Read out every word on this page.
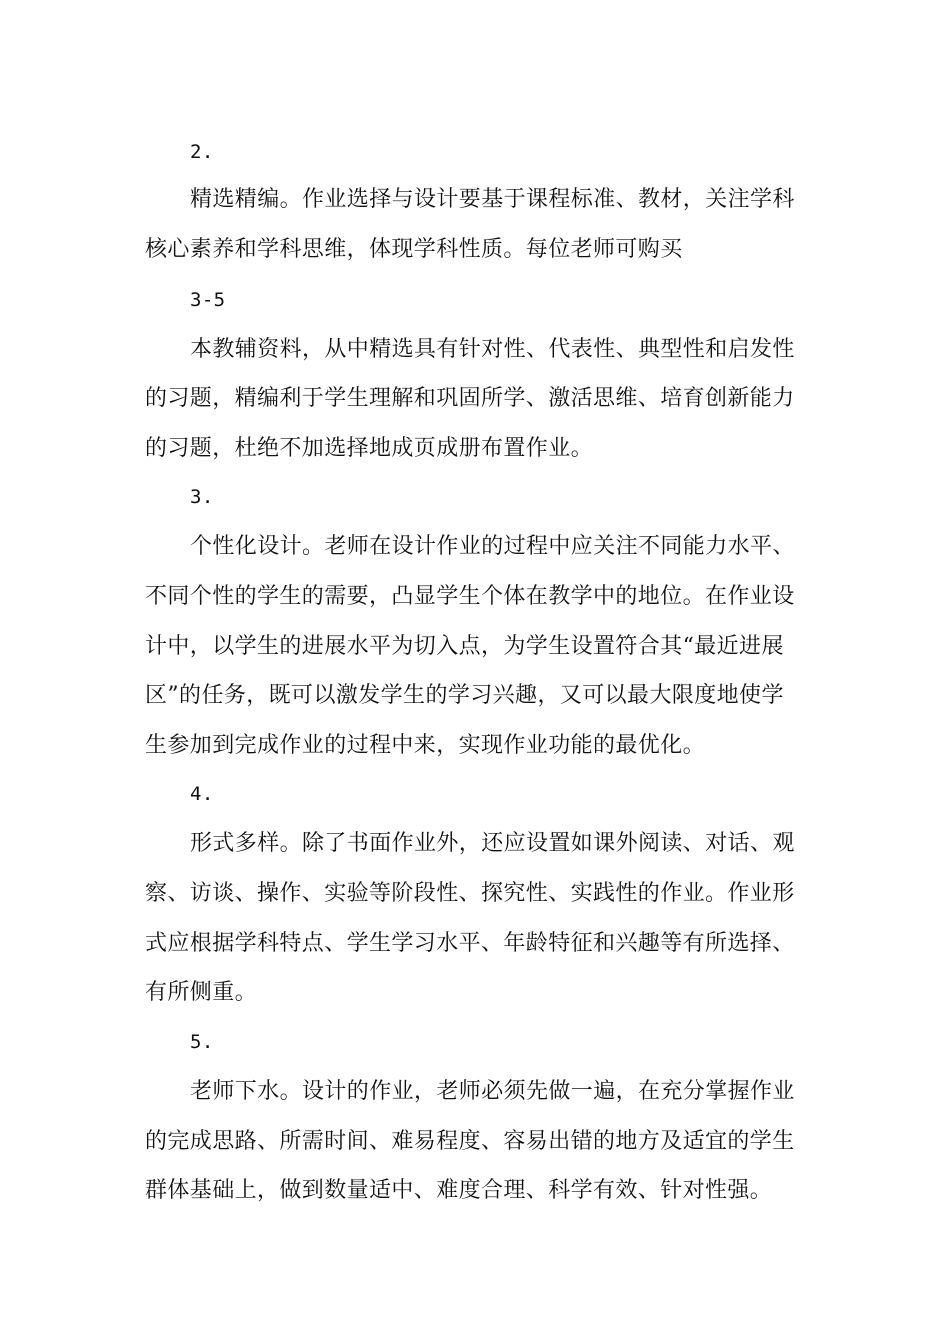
2.
精选精编。作业选择与设计要基于课程标准、教材，关注学科
核心素养和学科思维，体现学科性质。每位老师可购买
3-5
本教辅资料，从中精选具有针对性、代表性、典型性和启发性
的习题，精编利于学生理解和巩固所学、激活思维、培育创新能力
的习题，杜绝不加选择地成页成册布置作业。
3.
个性化设计。老师在设计作业的过程中应关注不同能力水平、
不同个性的学生的需要，凸显学生个体在教学中的地位。在作业设
计中，以学生的进展水平为切入点，为学生设置符合其“最近进展
区”的任务，既可以激发学生的学习兴趣，又可以最大限度地使学
生参加到完成作业的过程中来，实现作业功能的最优化。
4.
形式多样。除了书面作业外，还应设置如课外阅读、对话、观
察、访谈、操作、实验等阶段性、探究性、实践性的作业。作业形
式应根据学科特点、学生学习水平、年龄特征和兴趣等有所选择、
有所侧重。
5.
老师下水。设计的作业，老师必须先做一遍，在充分掌握作业
的完成思路、所需时间、难易程度、容易出错的地方及适宜的学生
群体基础上，做到数量适中、难度合理、科学有效、针对性强。
